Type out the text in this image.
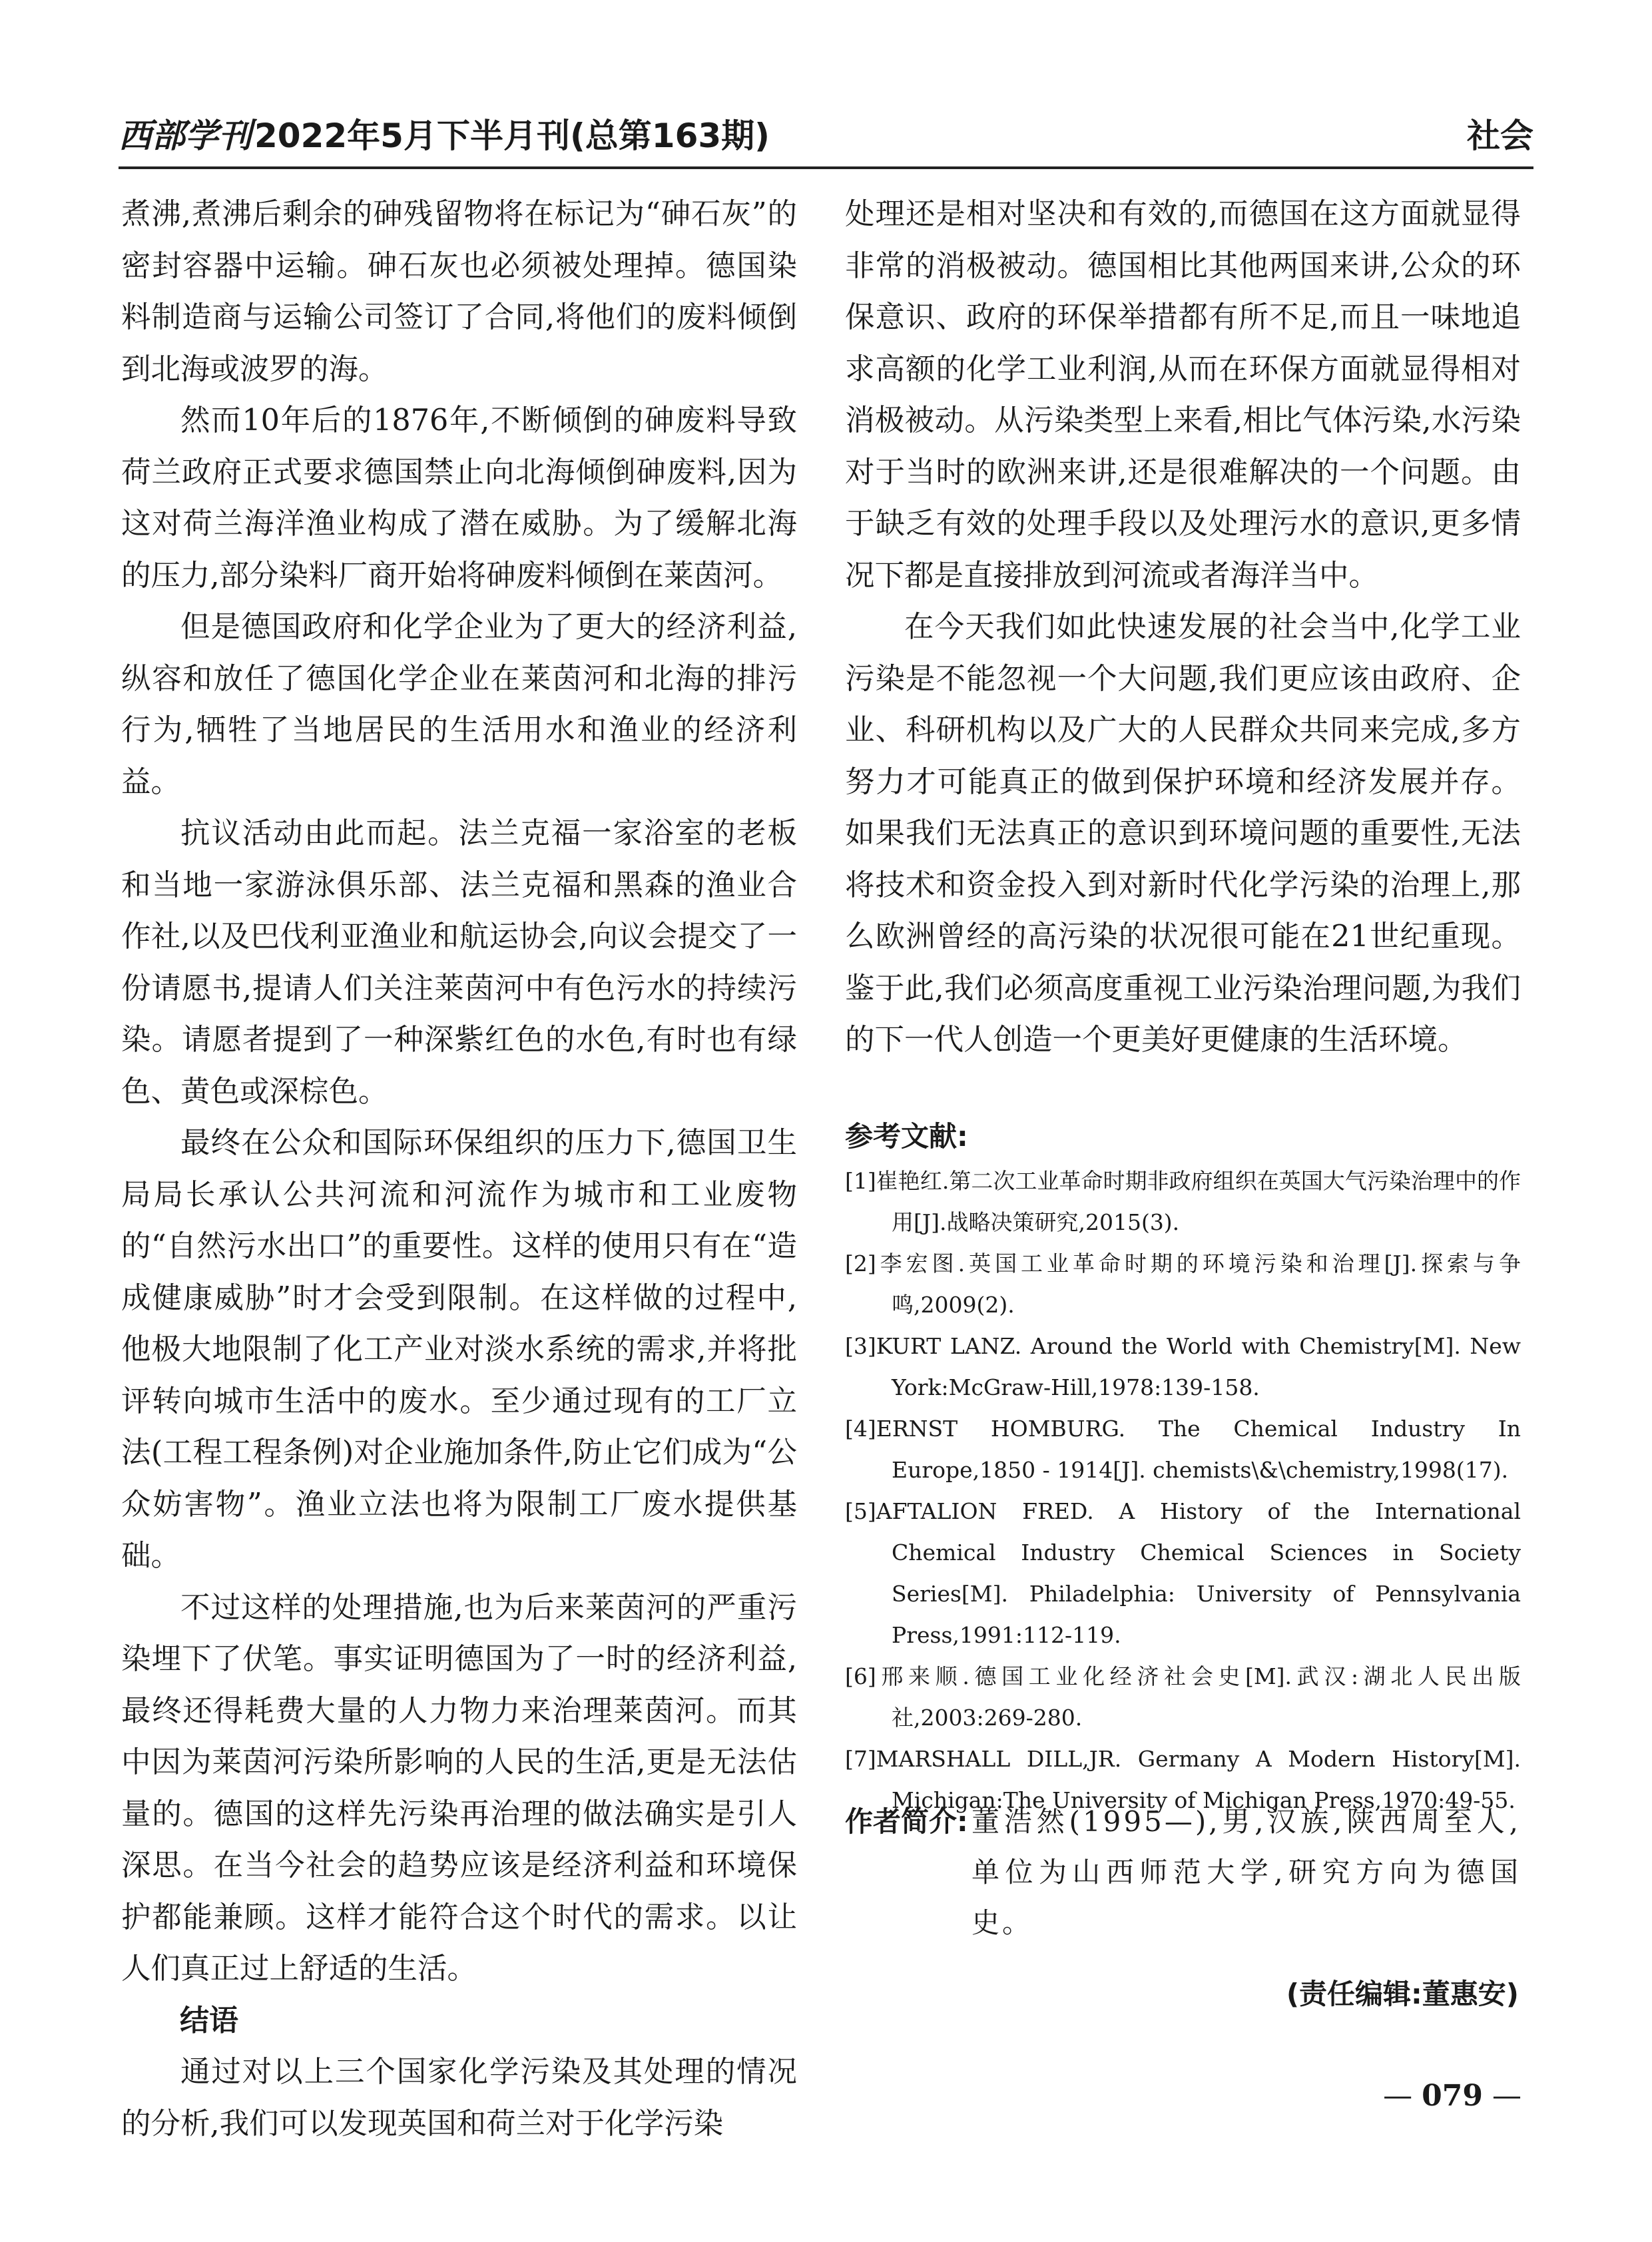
西部学刊2022年5月下半月刊(总第163期)	社会

煮沸,煮沸后剩余的砷残留物将在标记为“砷石灰”的密封容器中运输。砷石灰也必须被处理掉。德国染料制造商与运输公司签订了合同,将他们的废料倾倒到北海或波罗的海。

然而10年后的1876年,不断倾倒的砷废料导致荷兰政府正式要求德国禁止向北海倾倒砷废料,因为这对荷兰海洋渔业构成了潜在威胁。为了缓解北海的压力,部分染料厂商开始将砷废料倾倒在莱茵河。

但是德国政府和化学企业为了更大的经济利益,纵容和放任了德国化学企业在莱茵河和北海的排污行为,牺牲了当地居民的生活用水和渔业的经济利益。

抗议活动由此而起。法兰克福一家浴室的老板和当地一家游泳俱乐部、法兰克福和黑森的渔业合作社,以及巴伐利亚渔业和航运协会,向议会提交了一份请愿书,提请人们关注莱茵河中有色污水的持续污染。请愿者提到了一种深紫红色的水色,有时也有绿色、黄色或深棕色。

最终在公众和国际环保组织的压力下,德国卫生局局长承认公共河流和河流作为城市和工业废物的“自然污水出口”的重要性。这样的使用只有在“造成健康威胁”时才会受到限制。在这样做的过程中,他极大地限制了化工产业对淡水系统的需求,并将批评转向城市生活中的废水。至少通过现有的工厂立法(工程工程条例)对企业施加条件,防止它们成为“公众妨害物”。渔业立法也将为限制工厂废水提供基础。

不过这样的处理措施,也为后来莱茵河的严重污染埋下了伏笔。事实证明德国为了一时的经济利益,最终还得耗费大量的人力物力来治理莱茵河。而其中因为莱茵河污染所影响的人民的生活,更是无法估量的。德国的这样先污染再治理的做法确实是引人深思。在当今社会的趋势应该是经济利益和环境保护都能兼顾。这样才能符合这个时代的需求。以让人们真正过上舒适的生活。

结语

通过对以上三个国家化学污染及其处理的情况的分析,我们可以发现英国和荷兰对于化学污染

处理还是相对坚决和有效的,而德国在这方面就显得非常的消极被动。德国相比其他两国来讲,公众的环保意识、政府的环保举措都有所不足,而且一味地追求高额的化学工业利润,从而在环保方面就显得相对消极被动。从污染类型上来看,相比气体污染,水污染对于当时的欧洲来讲,还是很难解决的一个问题。由于缺乏有效的处理手段以及处理污水的意识,更多情况下都是直接排放到河流或者海洋当中。

在今天我们如此快速发展的社会当中,化学工业污染是不能忽视一个大问题,我们更应该由政府、企业、科研机构以及广大的人民群众共同来完成,多方努力才可能真正的做到保护环境和经济发展并存。如果我们无法真正的意识到环境问题的重要性,无法将技术和资金投入到对新时代化学污染的治理上,那么欧洲曾经的高污染的状况很可能在21世纪重现。鉴于此,我们必须高度重视工业污染治理问题,为我们的下一代人创造一个更美好更健康的生活环境。

参考文献:

[1]崔艳红.第二次工业革命时期非政府组织在英国大气污染治理中的作用[J].战略决策研究,2015(3).

[2]李宏图.英国工业革命时期的环境污染和治理[J].探索与争鸣,2009(2).

[3]KURT LANZ. Around the World with Chemistry[M]. New York:McGraw-Hill,1978:139-158.

[4]ERNST HOMBURG. The Chemical Industry In Europe,1850 - 1914[J]. chemists\&\chemistry,1998(17).

[5]AFTALION FRED. A History of the International Chemical Industry Chemical Sciences in Society Series[M]. Philadelphia: University of Pennsylvania Press,1991:112-119.

[6]邢来顺.德国工业化经济社会史[M].武汉:湖北人民出版社,2003:269-280.

[7]MARSHALL DILL,JR. Germany A Modern History[M]. Michigan:The University of Michigan Press,1970:49-55.

作者简介: 董浩然(1995—),男,汉族,陕西周至人,单位为山西师范大学,研究方向为德国史。
(责任编辑:董惠安)
— 079 —
